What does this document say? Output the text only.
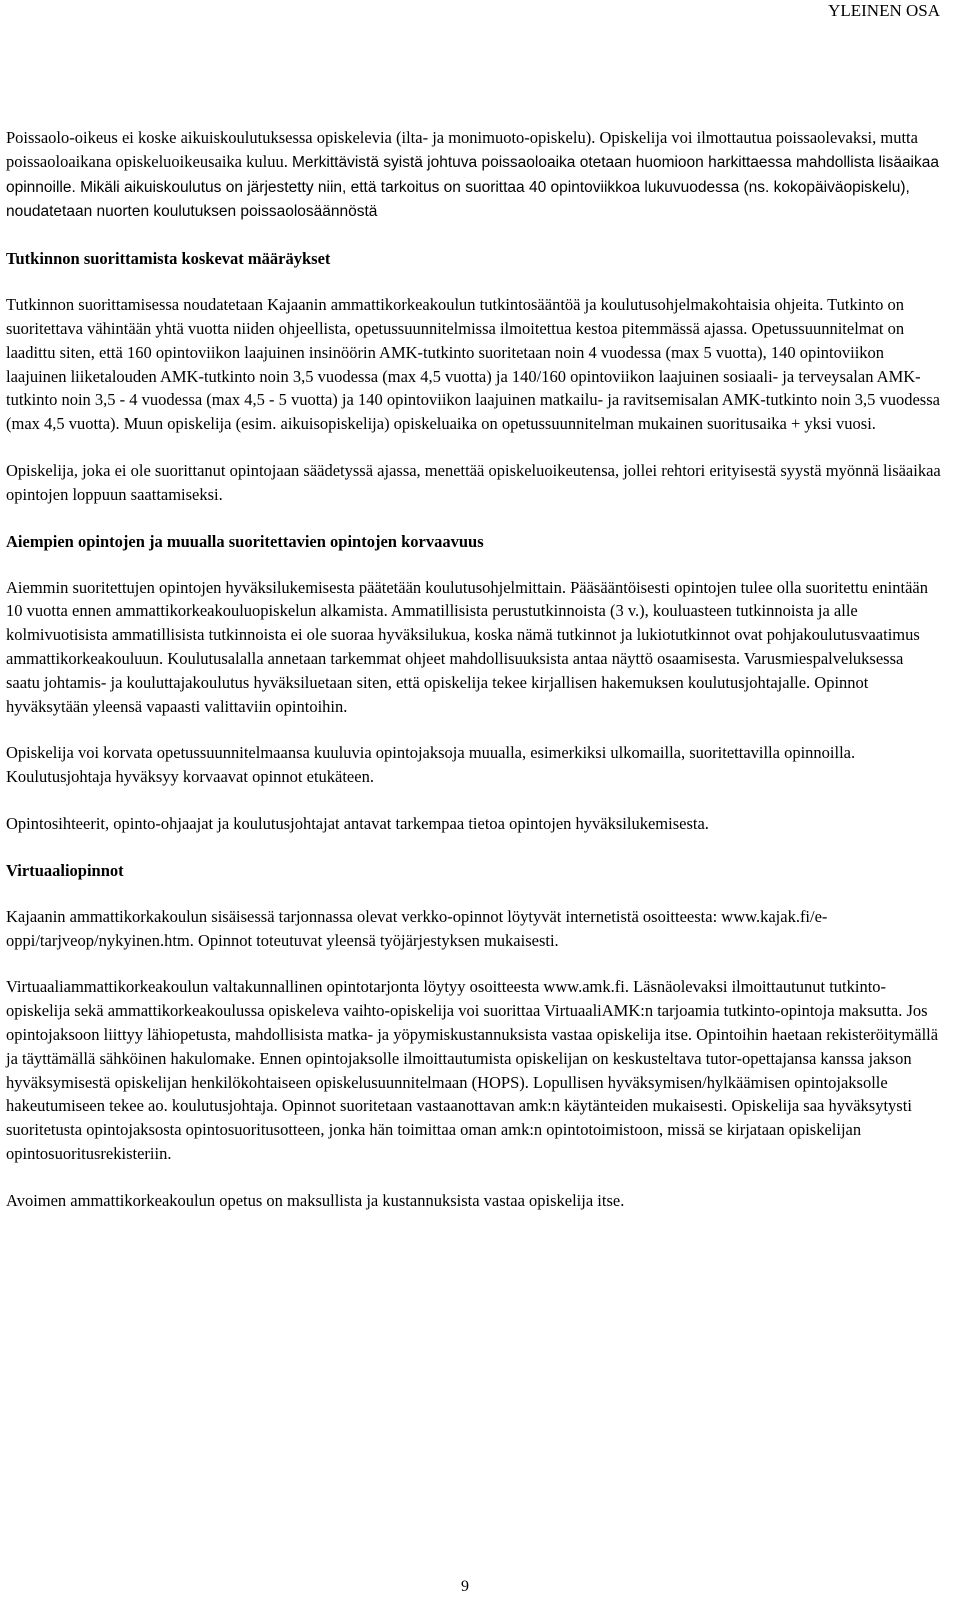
YLEINEN OSA

Poissaolo-oikeus ei koske aikuiskoulutuksessa opiskelevia (ilta- ja monimuoto-opiskelu). Opiskelija voi ilmottautua poissaolevaksi, mutta poissaoloaikana opiskeluoikeusaika kuluu. Merkittävistä syistä johtuva poissaoloaika otetaan huomioon harkittaessa mahdollista lisäaikaa opinnoille. Mikäli aikuiskoulutus on järjestetty niin, että tarkoitus on suorittaa 40 opintoviikkoa lukuvuodessa (ns. kokopäiväopiskelu), noudatetaan nuorten koulutuksen poissaolosäännöstä

Tutkinnon suorittamista koskevat määräykset

Tutkinnon suorittamisessa noudatetaan Kajaanin ammattikorkeakoulun tutkintosääntöä ja koulutusohjelmakohtaisia ohjeita. Tutkinto on suoritettava vähintään yhtä vuotta niiden ohjeellista, opetussuunnitelmissa ilmoitettua kestoa pitemmässä ajassa. Opetussuunnitelmat on laadittu siten, että 160 opintoviikon laajuinen insinöörin AMK-tutkinto suoritetaan noin 4 vuodessa (max 5 vuotta), 140 opintoviikon laajuinen liiketalouden AMK-tutkinto noin 3,5 vuodessa (max 4,5 vuotta) ja 140/160 opintoviikon laajuinen sosiaali- ja terveysalan AMK-tutkinto noin 3,5 - 4 vuodessa (max 4,5 - 5 vuotta) ja 140 opintoviikon laajuinen matkailu- ja ravitsemisalan AMK-tutkinto noin 3,5 vuodessa (max 4,5 vuotta). Muun opiskelija (esim. aikuisopiskelija) opiskeluaika on opetussuunnitelman mukainen suoritusaika + yksi vuosi.

Opiskelija, joka ei ole suorittanut opintojaan säädetyssä ajassa, menettää opiskeluoikeutensa, jollei rehtori erityisestä syystä myönnä lisäaikaa opintojen loppuun saattamiseksi.

Aiempien opintojen ja muualla suoritettavien opintojen korvaavuus

Aiemmin suoritettujen opintojen hyväksilukemisesta päätetään koulutusohjelmittain. Pääsääntöisesti opintojen tulee olla suoritettu enintään 10 vuotta ennen ammattikorkeakouluopiskelun alkamista. Ammatillisista perustutkinnoista (3 v.), kouluasteen tutkinnoista ja alle kolmivuotisista ammatillisista tutkinnoista ei ole suoraa hyväksilukua, koska nämä tutkinnot ja lukiotutkinnot ovat pohjakoulutusvaatimus ammattikorkeakouluun. Koulutusalalla annetaan tarkemmat ohjeet mahdollisuuksista antaa näyttö osaamisesta. Varusmiespalveluksessa saatu johtamis- ja kouluttajakoulutus hyväksiluetaan siten, että opiskelija tekee kirjallisen hakemuksen koulutusjohtajalle. Opinnot hyväksytään yleensä vapaasti valittaviin opintoihin.

Opiskelija voi korvata opetussuunnitelmaansa kuuluvia opintojaksoja muualla, esimerkiksi ulkomailla, suoritettavilla opinnoilla. Koulutusjohtaja hyväksyy korvaavat opinnot etukäteen.

Opintosihteerit, opinto-ohjaajat ja koulutusjohtajat antavat tarkempaa tietoa opintojen hyväksilukemisesta.

Virtuaaliopinnot

Kajaanin ammattikorkakoulun sisäisessä tarjonnassa olevat verkko-opinnot löytyvät internetistä osoitteesta: www.kajak.fi/e-oppi/tarjveop/nykyinen.htm. Opinnot toteutuvat yleensä työjärjestyksen mukaisesti.

Virtuaaliammattikorkeakoulun valtakunnallinen opintotarjonta löytyy osoitteesta www.amk.fi. Läsnäolevaksi ilmoittautunut tutkinto-opiskelija sekä ammattikorkeakoulussa opiskeleva vaihto-opiskelija voi suorittaa VirtuaaliAMK:n tarjoamia tutkinto-opintoja maksutta. Jos opintojaksoon liittyy lähiopetusta, mahdollisista matka- ja yöpymiskustannuksista vastaa opiskelija itse. Opintoihin haetaan rekisteröitymällä ja täyttämällä sähköinen hakulomake. Ennen opintojaksolle ilmoittautumista opiskelijan on keskusteltava tutor-opettajansa kanssa jakson hyväksymisestä opiskelijan henkilökohtaiseen opiskelusuunnitelmaan (HOPS). Lopullisen hyväksymisen/hylkäämisen opintojaksolle hakeutumiseen tekee ao. koulutusjohtaja. Opinnot suoritetaan vastaanottavan amk:n käytänteiden mukaisesti. Opiskelija saa hyväksytysti suoritetusta opintojaksosta opintosuoritusotteen, jonka hän toimittaa oman amk:n opintotoimistoon, missä se kirjataan opiskelijan opintosuoritusrekisteriin.

Avoimen ammattikorkeakoulun opetus on maksullista ja kustannuksista vastaa opiskelija itse.

9
